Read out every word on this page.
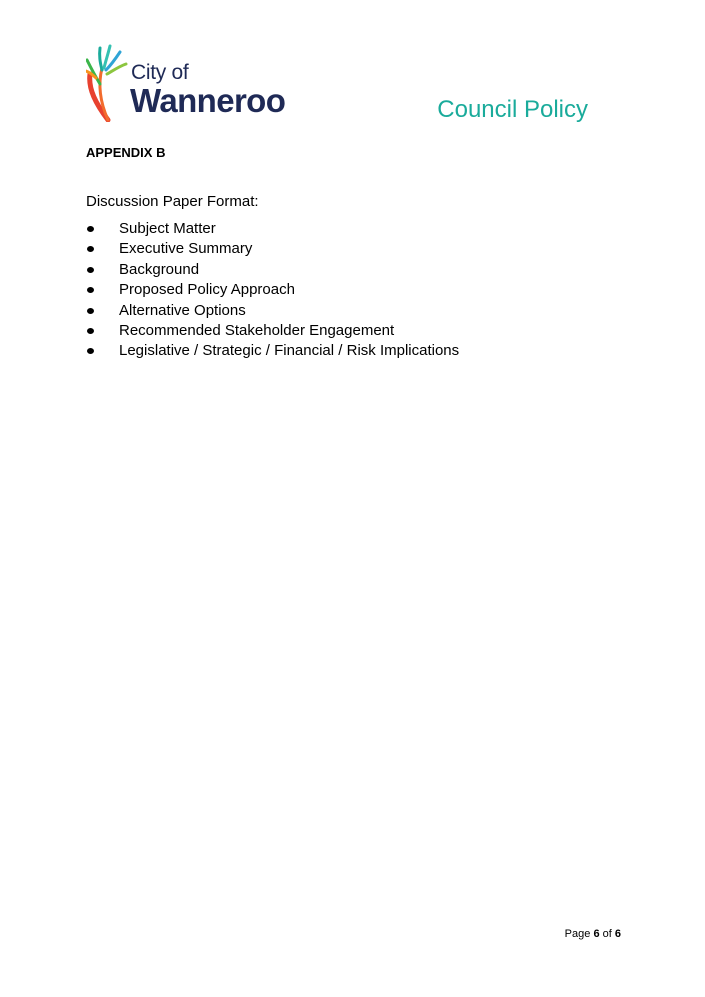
City of
Wanneroo	Council Policy
APPENDIX B
Discussion Paper Format:
Subject Matter
Executive Summary
Background
Proposed Policy Approach
Alternative Options
Recommended Stakeholder Engagement
Legislative / Strategic / Financial / Risk Implications
Page 6 of 6
